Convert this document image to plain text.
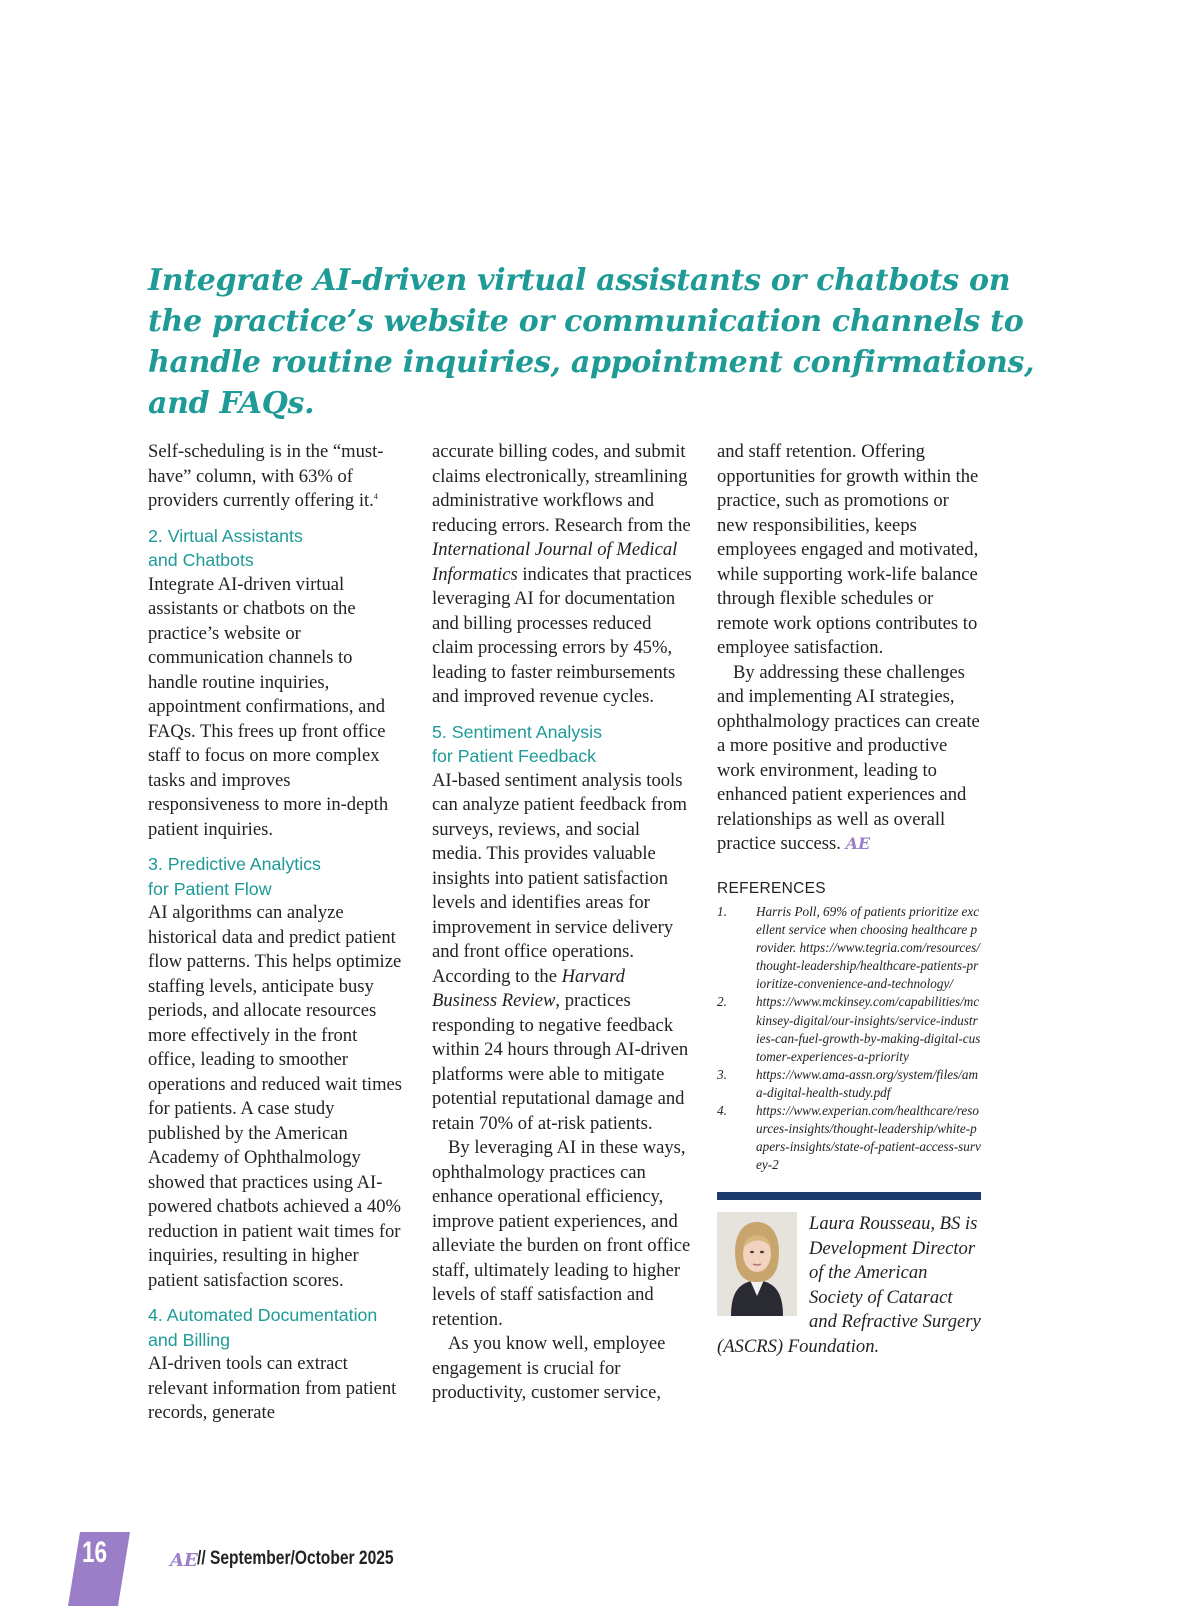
Integrate AI-driven virtual assistants or chatbots on the practice’s website or communication channels to handle routine inquiries, appointment confirmations, and FAQs.

Self-scheduling is in the “must-have” column, with 63% of providers currently offering it.$^4$

2. Virtual Assistants
and Chatbots

Integrate AI-driven virtual assistants or chatbots on the practice’s website or communication channels to handle routine inquiries, appointment confirmations, and FAQs. This frees up front office staff to focus on more complex tasks and improves responsiveness to more in-depth patient inquiries.

3. Predictive Analytics
for Patient Flow

AI algorithms can analyze historical data and predict patient flow patterns. This helps optimize staffing levels, anticipate busy periods, and allocate resources more effectively in the front office, leading to smoother operations and reduced wait times for patients. A case study published by the American Academy of Ophthalmology showed that practices using AI-powered chatbots achieved a 40% reduction in patient wait times for inquiries, resulting in higher patient satisfaction scores.

4. Automated Documentation
and Billing

AI-driven tools can extract relevant information from patient records, generate

accurate billing codes, and submit claims electronically, streamlining administrative workflows and reducing errors. Research from the International Journal of Medical Informatics indicates that practices leveraging AI for documentation and billing processes reduced claim processing errors by 45%, leading to faster reimbursements and improved revenue cycles.

5. Sentiment Analysis
for Patient Feedback

AI-based sentiment analysis tools can analyze patient feedback from surveys, reviews, and social media. This provides valuable insights into patient satisfaction levels and identifies areas for improvement in service delivery and front office operations. According to the Harvard Business Review, practices responding to negative feedback within 24 hours through AI-driven platforms were able to mitigate potential reputational damage and retain 70% of at-risk patients.

By leveraging AI in these ways, ophthalmology practices can enhance operational efficiency, improve patient experiences, and alleviate the burden on front office staff, ultimately leading to higher levels of staff satisfaction and retention.

As you know well, employee engagement is crucial for productivity, customer service,

and staff retention. Offering opportunities for growth within the practice, such as promotions or new responsibilities, keeps employees engaged and motivated, while supporting work-life balance through flexible schedules or remote work options contributes to employee satisfaction.

By addressing these challenges and implementing AI strategies, ophthalmology practices can create a more positive and productive work environment, leading to enhanced patient experiences and relationships as well as overall practice success. AE

REFERENCES
1.	Harris Poll, 69% of patients prioritize excellent service when choosing healthcare provider. https://www.tegria.com/resources/thought-leadership/healthcare-patients-prioritize-convenience-and-technology/
2.	https://www.mckinsey.com/capabilities/mckinsey-digital/our-insights/service-industries-can-fuel-growth-by-making-digital-customer-experiences-a-priority
3.	https://www.ama-assn.org/system/files/ama-digital-health-study.pdf
4.	https://www.experian.com/healthcare/resources-insights/thought-leadership/white-papers-insights/state-of-patient-access-survey-2

Laura Rousseau, BS is Development Director of the American Society of Cataract and Refractive Surgery (ASCRS) Foundation.

16	AE // September/October 2025
